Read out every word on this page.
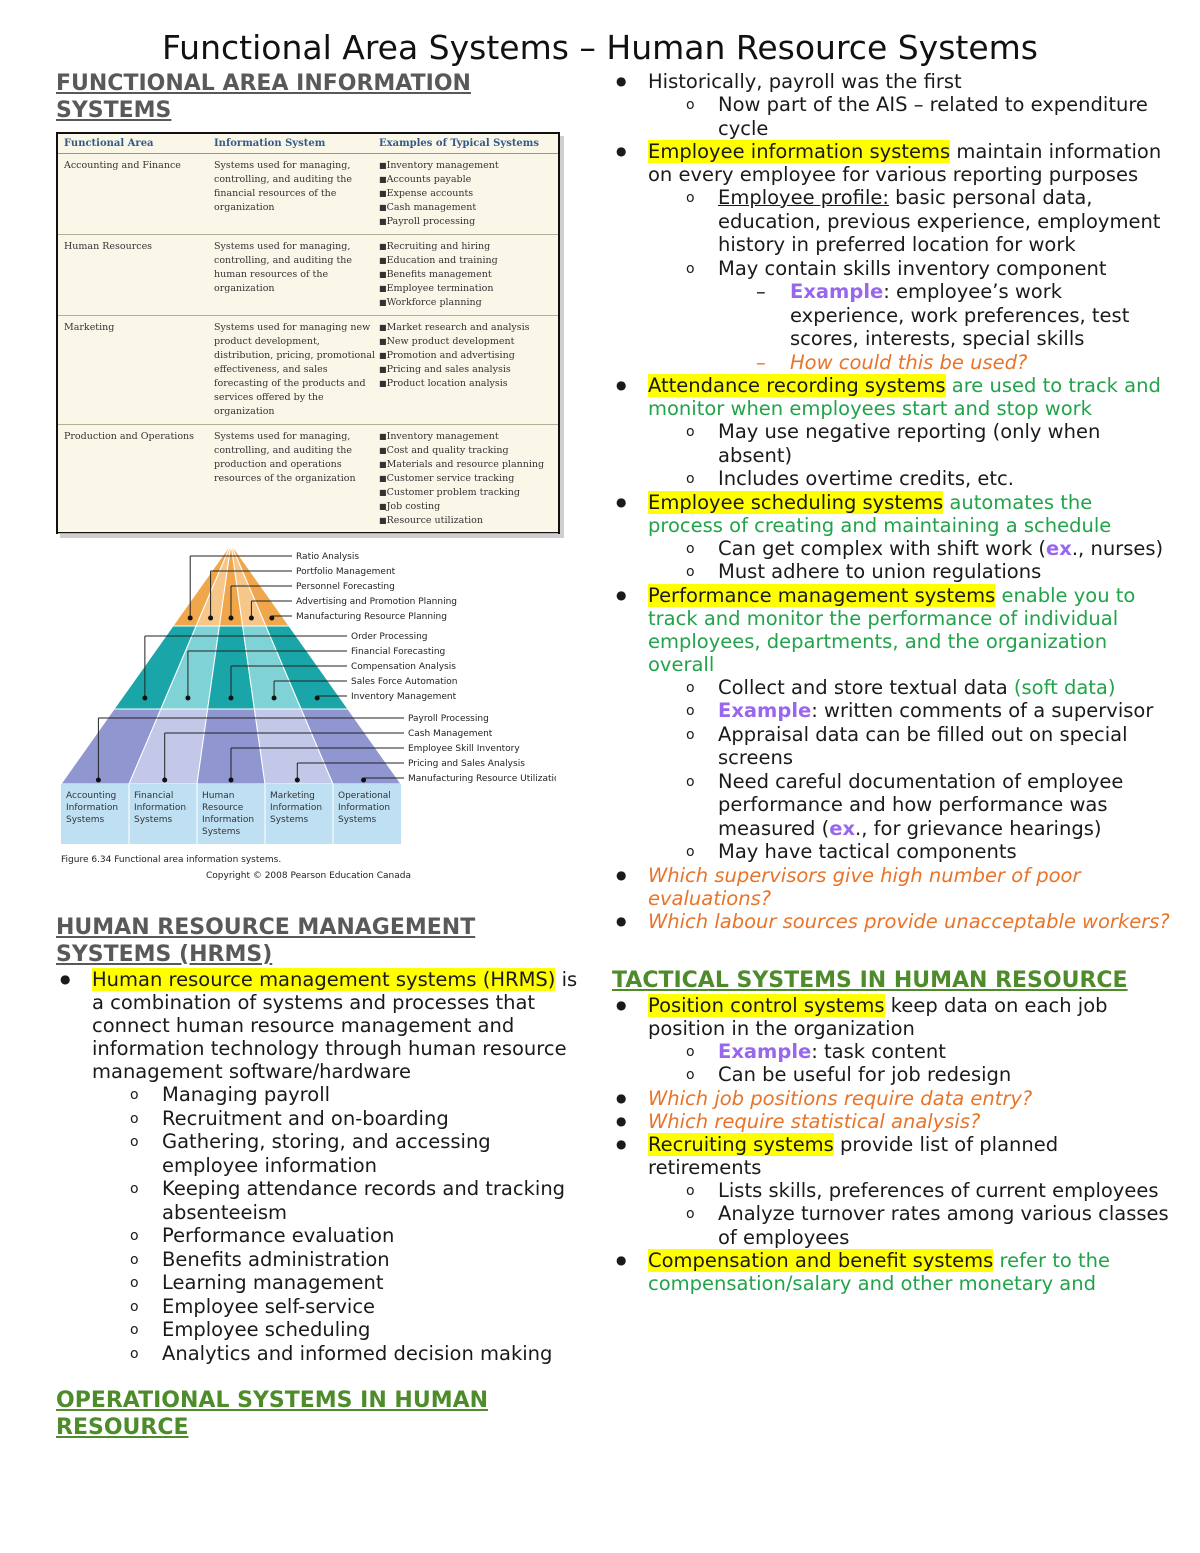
Functional Area Systems – Human Resource Systems
FUNCTIONAL AREA INFORMATION SYSTEMS
Functional Area	Information System	Examples of Typical Systems
Accounting and Finance	Systems used for managing, controlling, and auditing the financial resources of the organization
■ Inventory management
■ Accounts payable
■ Expense accounts
■ Cash management
■ Payroll processing
Human Resources	Systems used for managing, controlling, and auditing the human resources of the organization
■ Recruiting and hiring
■ Education and training
■ Benefits management
■ Employee termination
■ Workforce planning
Marketing	Systems used for managing new product development, distribution, pricing, promotional effectiveness, and sales forecasting of the products and services offered by the organization
■ Market research and analysis
■ New product development
■ Promotion and advertising
■ Pricing and sales analysis
■ Product location analysis
Production and Operations	Systems used for managing, controlling, and auditing the production and operations resources of the organization
■ Inventory management
■ Cost and quality tracking
■ Materials and resource planning
■ Customer service tracking
■ Customer problem tracking
■ Job costing
■ Resource utilization
Accounting
Information
Systems
Financial
Information
Systems
Human
Resource
Information
Systems
Marketing
Information
Systems
Operational
Information
Systems
Ratio Analysis
Portfolio Management
Personnel Forecasting
Advertising and Promotion Planning
Manufacturing Resource Planning
Order Processing
Financial Forecasting
Compensation Analysis
Sales Force Automation
Inventory Management
Payroll Processing
Cash Management
Employee Skill Inventory
Pricing and Sales Analysis
Manufacturing Resource Utilization
Figure 6.34 Functional area information systems.
Copyright © 2008 Pearson Education Canada
HUMAN RESOURCE MANAGEMENT SYSTEMS (HRMS)
● Human resource management systems (HRMS) is a combination of systems and processes that connect human resource management and information technology through human resource management software/hardware
o Managing payroll
o Recruitment and on-boarding
o Gathering, storing, and accessing employee information
o Keeping attendance records and tracking absenteeism
o Performance evaluation
o Benefits administration
o Learning management
o Employee self-service
o Employee scheduling
o Analytics and informed decision making
OPERATIONAL SYSTEMS IN HUMAN RESOURCE
● Historically, payroll was the first
o Now part of the AIS – related to expenditure cycle
● Employee information systems maintain information on every employee for various reporting purposes
o Employee profile: basic personal data, education, previous experience, employment history in preferred location for work
o May contain skills inventory component
– Example: employee’s work experience, work preferences, test scores, interests, special skills
– How could this be used?
● Attendance recording systems are used to track and monitor when employees start and stop work
o May use negative reporting (only when absent)
o Includes overtime credits, etc.
● Employee scheduling systems automates the process of creating and maintaining a schedule
o Can get complex with shift work (ex., nurses)
o Must adhere to union regulations
● Performance management systems enable you to track and monitor the performance of individual employees, departments, and the organization overall
o Collect and store textual data (soft data)
o Example: written comments of a supervisor
o Appraisal data can be filled out on special screens
o Need careful documentation of employee performance and how performance was measured (ex., for grievance hearings)
o May have tactical components
● Which supervisors give high number of poor evaluations?
● Which labour sources provide unacceptable workers?
TACTICAL SYSTEMS IN HUMAN RESOURCE
● Position control systems keep data on each job position in the organization
o Example: task content
o Can be useful for job redesign
● Which job positions require data entry?
● Which require statistical analysis?
● Recruiting systems provide list of planned retirements
o Lists skills, preferences of current employees
o Analyze turnover rates among various classes of employees
● Compensation and benefit systems refer to the compensation/salary and other monetary and
